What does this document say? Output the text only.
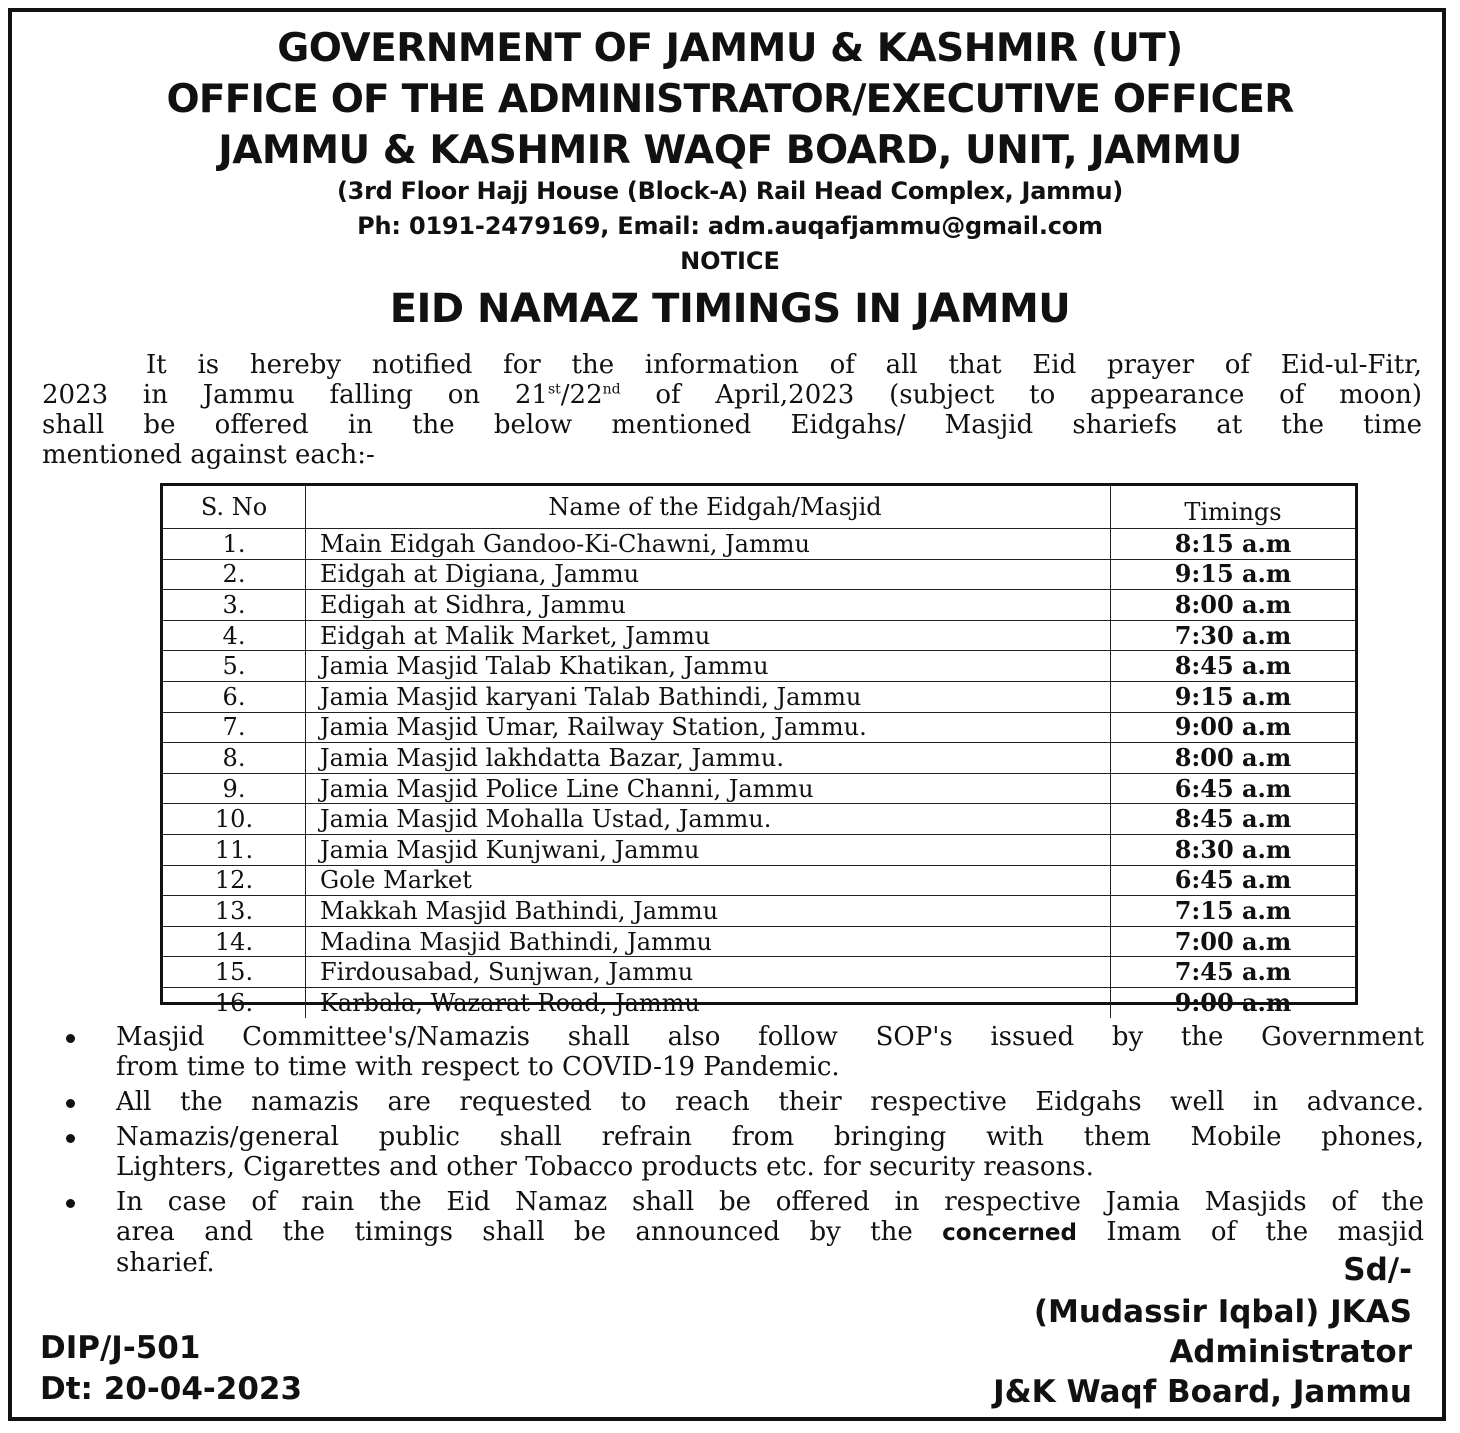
GOVERNMENT OF JAMMU & KASHMIR (UT)

OFFICE OF THE ADMINISTRATOR/EXECUTIVE OFFICER

JAMMU & KASHMIR WAQF BOARD, UNIT, JAMMU

(3rd Floor Hajj House (Block-A) Rail Head Complex, Jammu)

Ph: 0191-2479169, Email: adm.auqafjammu@gmail.com

NOTICE

EID NAMAZ TIMINGS IN JAMMU

It is hereby notified for the information of all that Eid prayer of Eid-ul-Fitr,
2023 in Jammu falling on 21st/22nd of April,2023 (subject to appearance of moon)
shall be offered in the below mentioned Eidgahs/ Masjid shariefs at the time
mentioned against each:-
S. No	Name of the Eidgah/Masjid	Timings
1.	Main Eidgah Gandoo-Ki-Chawni, Jammu	8:15 a.m
2.	Eidgah at Digiana, Jammu	9:15 a.m
3.	Edigah at Sidhra, Jammu	8:00 a.m
4.	Eidgah at Malik Market, Jammu	7:30 a.m
5.	Jamia Masjid Talab Khatikan, Jammu	8:45 a.m
6.	Jamia Masjid karyani Talab Bathindi, Jammu	9:15 a.m
7.	Jamia Masjid Umar, Railway Station, Jammu.	9:00 a.m
8.	Jamia Masjid lakhdatta Bazar, Jammu.	8:00 a.m
9.	Jamia Masjid Police Line Channi, Jammu	6:45 a.m
10.	Jamia Masjid Mohalla Ustad, Jammu.	8:45 a.m
11.	Jamia Masjid Kunjwani, Jammu	8:30 a.m
12.	Gole Market	6:45 a.m
13.	Makkah Masjid Bathindi, Jammu	7:15 a.m
14.	Madina Masjid Bathindi, Jammu	7:00 a.m
15.	Firdousabad, Sunjwan, Jammu	7:45 a.m
16.	Karbala, Wazarat Road, Jammu	9:00 a.m
Masjid Committee's/Namazis shall also follow SOP's issued by the Government
from time to time with respect to COVID-19 Pandemic.
All the namazis are requested to reach their respective Eidgahs well in advance.
Namazis/general public shall refrain from bringing with them Mobile phones,
Lighters, Cigarettes and other Tobacco products etc. for security reasons.
In case of rain the Eid Namaz shall be offered in respective Jamia Masjids of the
area and the timings shall be announced by the concerned Imam of the masjid
sharief.	Sd/-

(Mudassir Iqbal) JKAS

Administrator

J&K Waqf Board, Jammu

DIP/J-501

Dt: 20-04-2023
